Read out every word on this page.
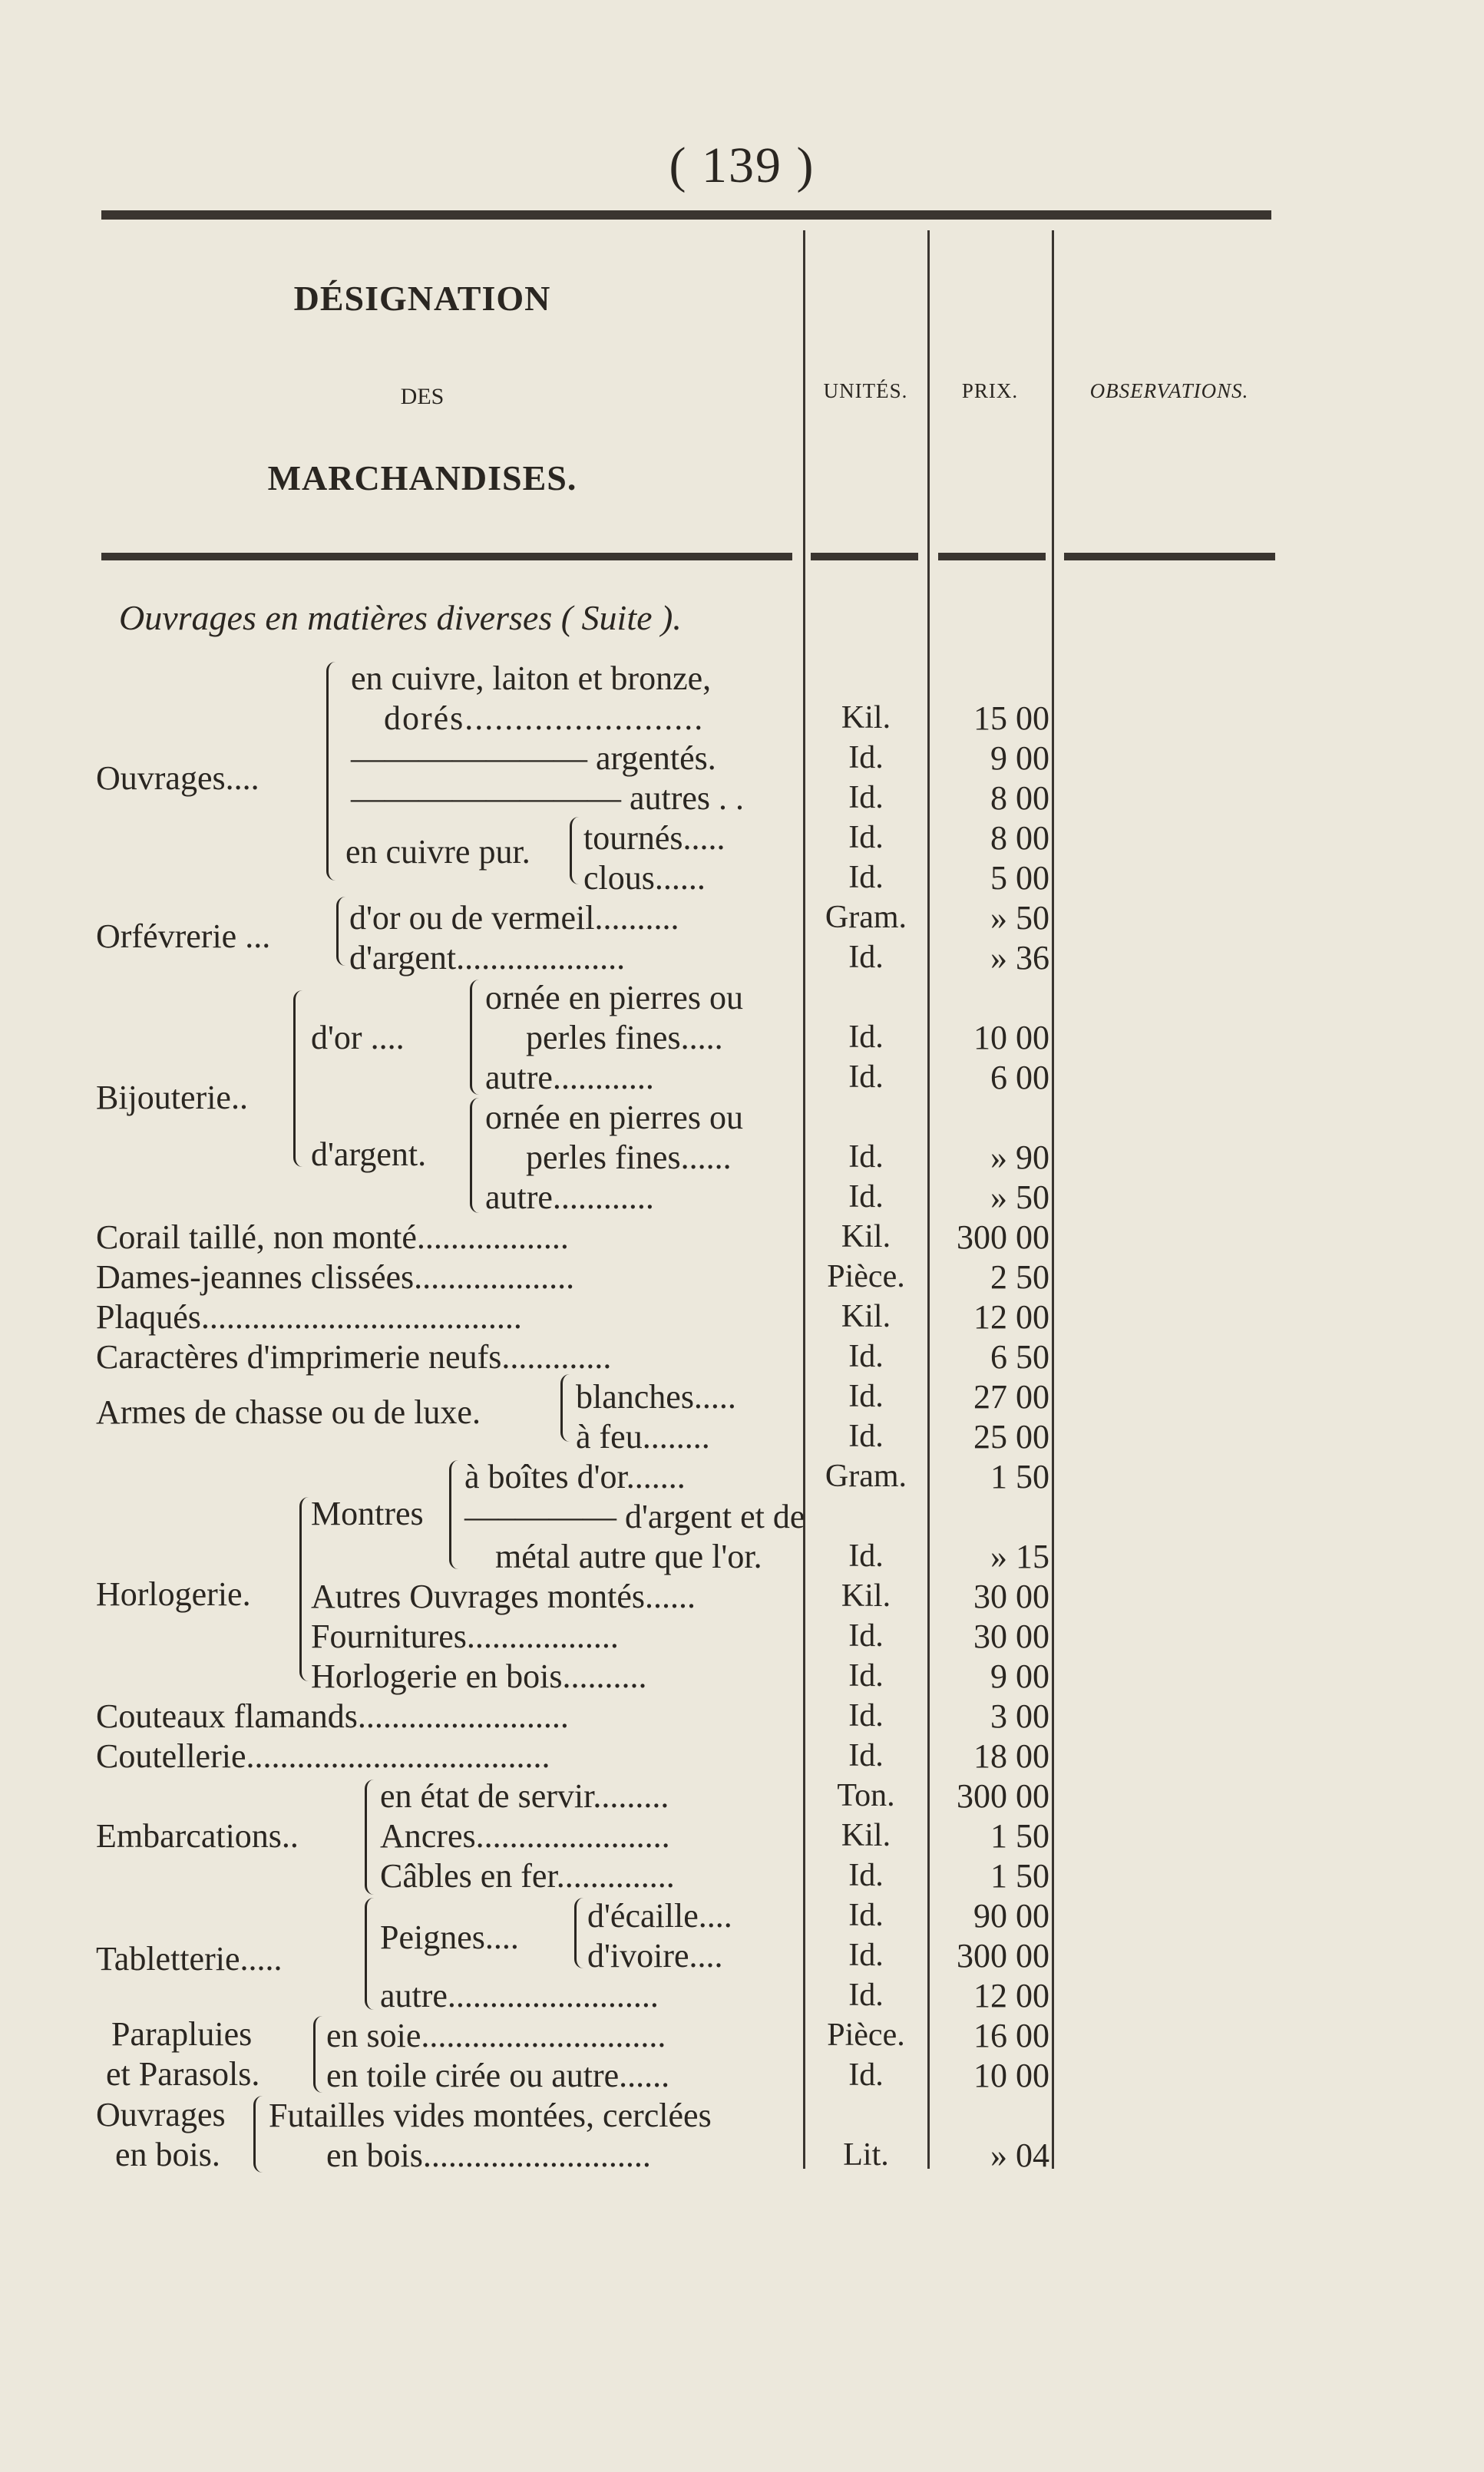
( 139 )
DÉSIGNATION
DES
MARCHANDISES.
UNITÉS.	PRIX.	OBSERVATIONS.
Ouvrages en matières diverses ( Suite ).
Ouvrages....
en cuivre pur.
Orfévrerie ...
d'or ....
Bijouterie..
d'argent.
Armes de chasse ou de luxe.
Montres
Horlogerie.
Embarcations..
Peignes....
Tabletterie.....
Parapluies
et Parasols.
Ouvrages
en bois.
en cuivre, laiton et bronze,
dorés........................
——————— argentés.
———————— autres . .
tournés.....
clous......
d'or ou de vermeil..........
d'argent....................
ornée en pierres ou
perles fines.....
autre............
ornée en pierres ou
perles fines......
autre............
Corail taillé, non monté..................
Dames-jeannes clissées...................
Plaqués......................................
Caractères d'imprimerie neufs.............
blanches.....
à feu........
à boîtes d'or.......
—–——— d'argent et de
métal autre que l'or.
Autres Ouvrages montés......
Fournitures..................
Horlogerie en bois..........
Couteaux flamands.........................
Coutellerie....................................
en état de servir.........
Ancres.......................
Câbles en fer..............
d'écaille....
d'ivoire....
autre.........................
en soie.............................
en toile cirée ou autre......
Futailles vides montées, cerclées
en bois...........................
Kil.
Id.
Id.
Id.
Id.
Gram.
Id.
Id.
Id.
Id.
Id.
Kil.
Pièce.
Kil.
Id.
Id.
Id.
Gram.
Id.
Kil.
Id.
Id.
Id.
Id.
Ton.
Kil.
Id.
Id.
Id.
Id.
Pièce.
Id.
Lit.
15 00
9 00
8 00
8 00
5 00
» 50
» 36
10 00
6 00
» 90
» 50
300 00
2 50
12 00
6 50
27 00
25 00
1 50
» 15
30 00
30 00
9 00
3 00
18 00
300 00
1 50
1 50
90 00
300 00
12 00
16 00
10 00
» 04
